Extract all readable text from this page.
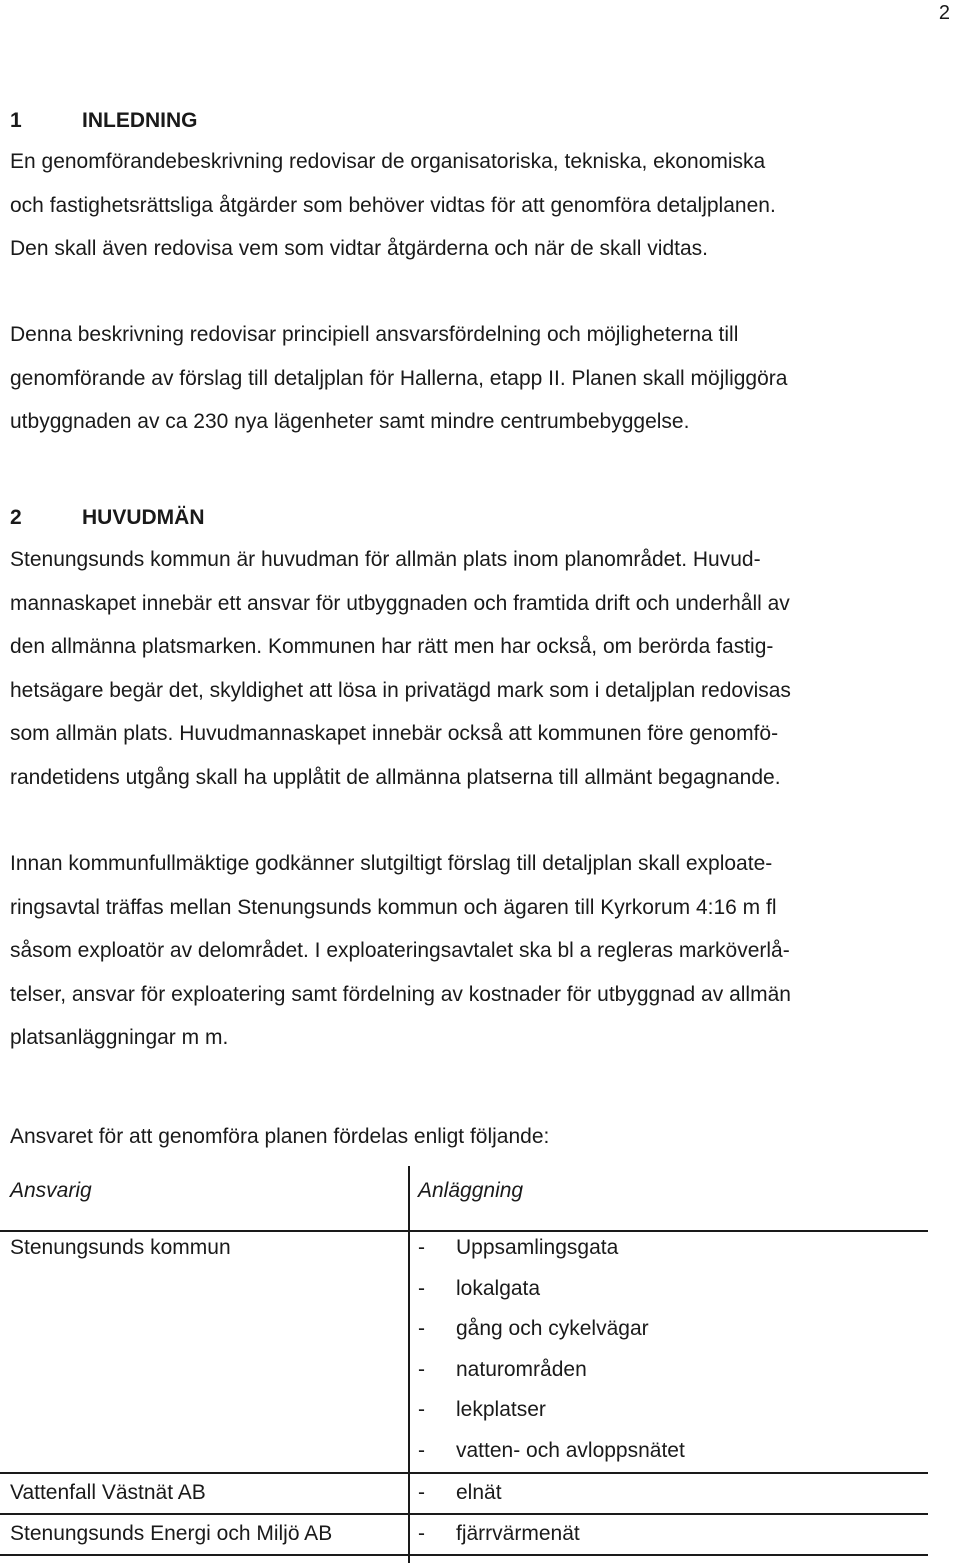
2
1	INLEDNING
En genomförandebeskrivning redovisar de organisatoriska, tekniska, ekonomiska
och fastighetsrättsliga åtgärder som behöver vidtas för att genomföra detaljplanen.
Den skall även redovisa vem som vidtar åtgärderna och när de skall vidtas.
Denna beskrivning redovisar principiell ansvarsfördelning och möjligheterna till
genomförande av förslag till detaljplan för Hallerna, etapp II. Planen skall möjliggöra
utbyggnaden av ca 230 nya lägenheter samt mindre centrumbebyggelse.
2	HUVUDMÄN
Stenungsunds kommun är huvudman för allmän plats inom planområdet. Huvud-
mannaskapet innebär ett ansvar för utbyggnaden och framtida drift och underhåll av
den allmänna platsmarken. Kommunen har rätt men har också, om berörda fastig-
hetsägare begär det, skyldighet att lösa in privatägd mark som i detaljplan redovisas
som allmän plats. Huvudmannaskapet innebär också att kommunen före genomfö-
randetidens utgång skall ha upplåtit de allmänna platserna till allmänt begagnande.
Innan kommunfullmäktige godkänner slutgiltigt förslag till detaljplan skall exploate-
ringsavtal träffas mellan Stenungsunds kommun och ägaren till Kyrkorum 4:16 m fl
såsom exploatör av delområdet. I exploateringsavtalet ska bl a regleras marköverlå-
telser, ansvar för exploatering samt fördelning av kostnader för utbyggnad av allmän
platsanläggningar m m.
Ansvaret för att genomföra planen fördelas enligt följande:
Ansvarig	Anläggning
Stenungsunds kommun	- Uppsamlingsgata
- lokalgata
- gång och cykelvägar
- naturområden
- lekplatser
- vatten- och avloppsnätet
Vattenfall Västnät AB	- elnät
Stenungsunds Energi och Miljö AB	- fjärrvärmenät
